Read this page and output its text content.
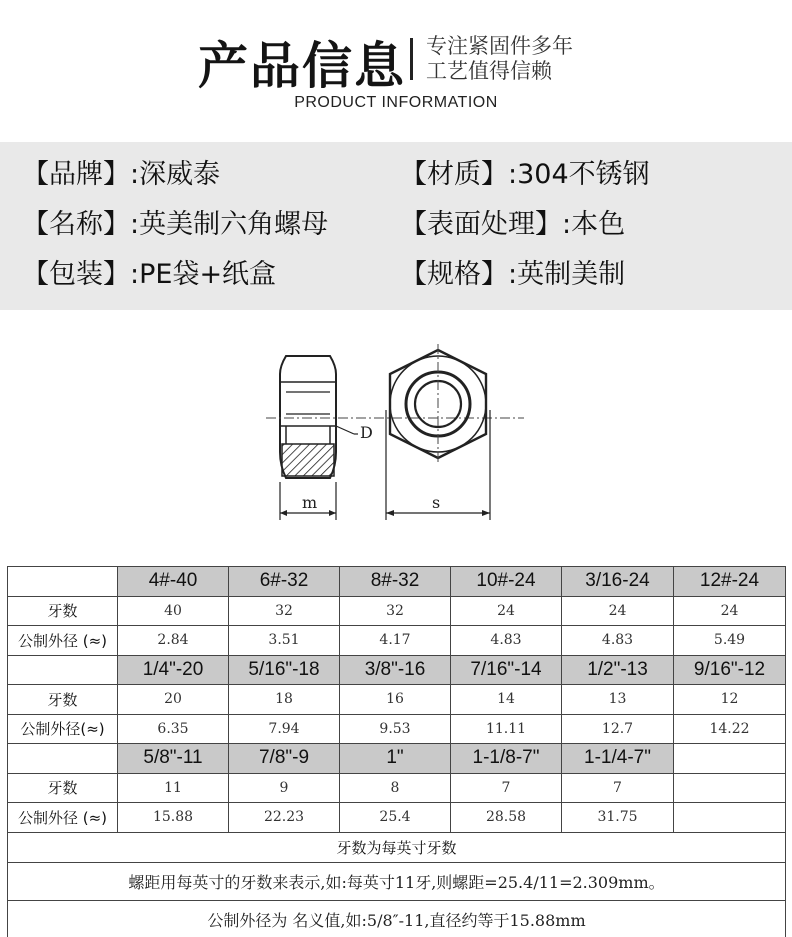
产品信息 专注紧固件多年
工艺值得信赖
PRODUCT INFORMATION
【品牌】:深威泰	【材质】:304不锈钢
【名称】:英美制六角螺母	【表面处理】:本色
【包装】:PE袋+纸盒	【规格】:英制美制
D
m	s
	4#-40	6#-32	8#-32	10#-24	3/16-24	12#-24
牙数	40	32	32	24	24	24
公制外径 (≈)	2.84	3.51	4.17	4.83	4.83	5.49
	1/4"-20	5/16"-18	3/8"-16	7/16"-14	1/2"-13	9/16"-12
牙数	20	18	16	14	13	12
公制外径(≈)	6.35	7.94	9.53	11.11	12.7	14.22
	5/8"-11	7/8"-9	1"	1-1/8-7"	1-1/4-7"	
牙数	11	9	8	7	7	
公制外径 (≈)	15.88	22.23	25.4	28.58	31.75	
牙数为每英寸牙数						
螺距用每英寸的牙数来表示,如:每英寸11牙,则螺距=25.4/11=2.309mm。						
公制外径为 名义值,如:5/8″-11,直径约等于15.88mm						
